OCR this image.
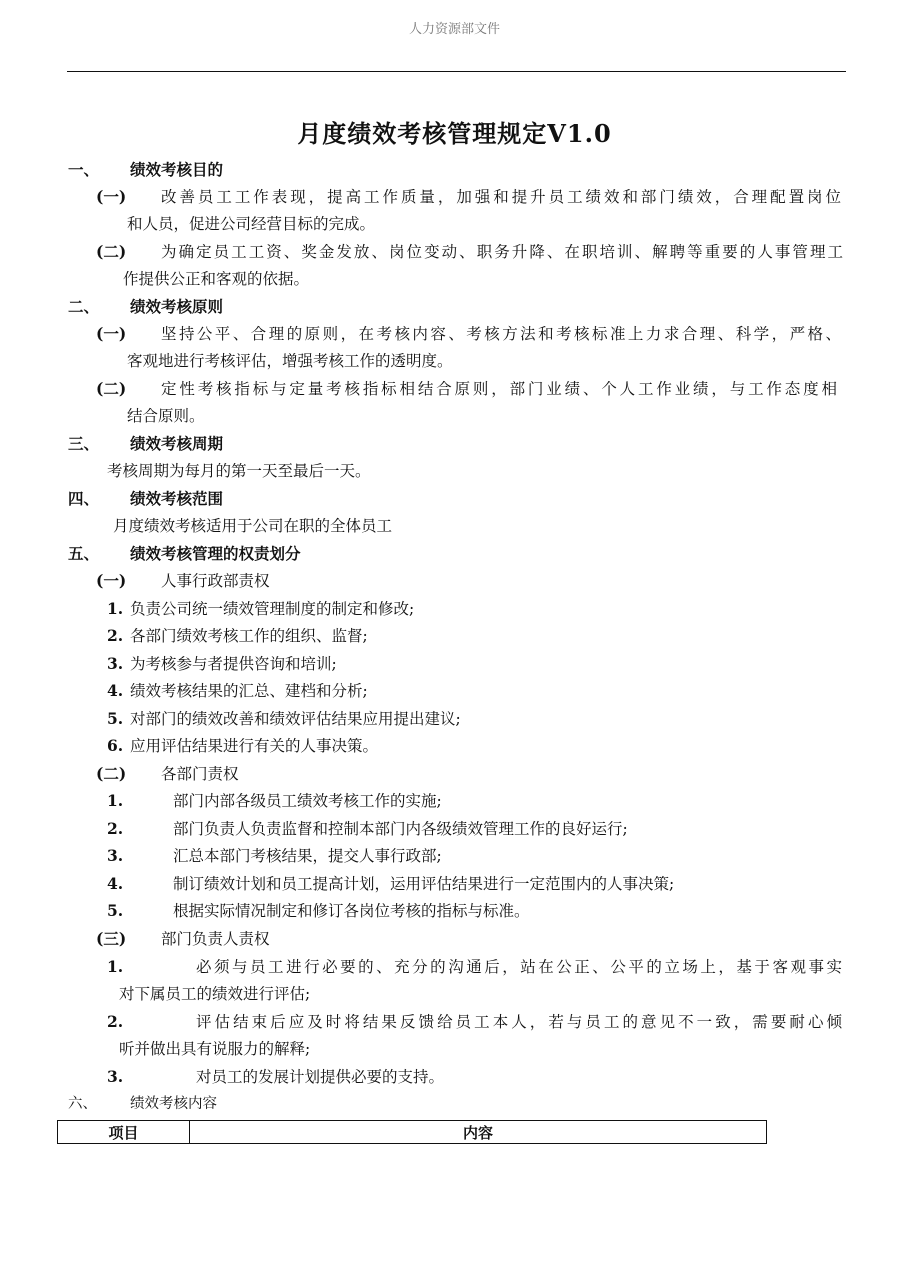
人力资源部文件
月度绩效考核管理规定V1.0
一、 绩效考核目的
(一) 改善员工工作表现，提高工作质量，加强和提升员工绩效和部门绩效，合理配置岗位
和人员，促进公司经营目标的完成。
(二) 为确定员工工资、奖金发放、岗位变动、职务升降、在职培训、解聘等重要的人事管理工
作提供公正和客观的依据。
二、 绩效考核原则
(一) 坚持公平、合理的原则，在考核内容、考核方法和考核标准上力求合理、科学，严格、
客观地进行考核评估，增强考核工作的透明度。
(二) 定性考核指标与定量考核指标相结合原则，部门业绩、个人工作业绩，与工作态度相
结合原则。
三、 绩效考核周期
考核周期为每月的第一天至最后一天。
四、 绩效考核范围
月度绩效考核适用于公司在职的全体员工
五、 绩效考核管理的权责划分
(一) 人事行政部责权
1. 负责公司统一绩效管理制度的制定和修改;
2. 各部门绩效考核工作的组织、监督;
3. 为考核参与者提供咨询和培训;
4. 绩效考核结果的汇总、建档和分析;
5. 对部门的绩效改善和绩效评估结果应用提出建议;
6. 应用评估结果进行有关的人事决策。
(二) 各部门责权
1.	部门内部各级员工绩效考核工作的实施;
2.	部门负责人负责监督和控制本部门内各级绩效管理工作的良好运行;
3.	汇总本部门考核结果，提交人事行政部;
4.	制订绩效计划和员工提高计划，运用评估结果进行一定范围内的人事决策;
5.	根据实际情况制定和修订各岗位考核的指标与标准。
(三) 部门负责人责权
1.	必须与员工进行必要的、充分的沟通后，站在公正、公平的立场上，基于客观事实
对下属员工的绩效进行评估;
2.	评估结束后应及时将结果反馈给员工本人，若与员工的意见不一致，需要耐心倾
听并做出具有说服力的解释;
3.	对员工的发展计划提供必要的支持。
六、 绩效考核内容
项目	内容
